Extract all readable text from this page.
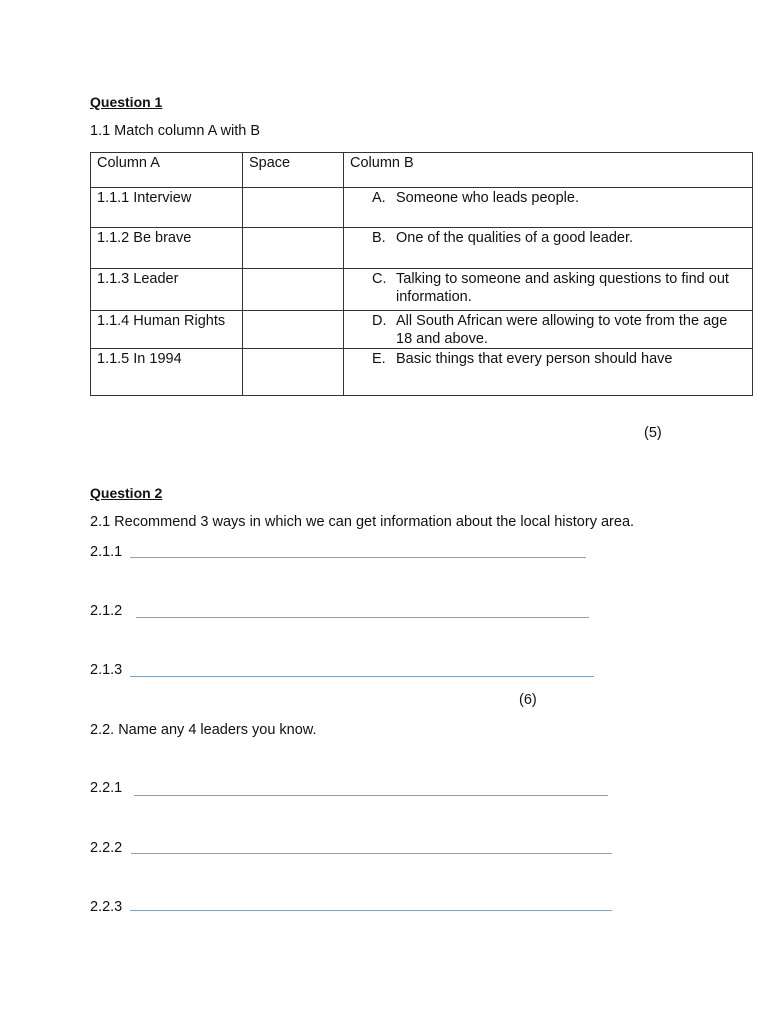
Question 1
1.1 Match column A with B
Column A	Space	Column B

1.1.1 Interview		A. Someone who leads people.

1.1.2 Be brave		B. One of the qualities of a good leader.

1.1.3 Leader		C. Talking to someone and asking questions to find out information.

1.1.4 Human Rights		D. All South African were allowing to vote from the age 18 and above.

1.1.5 In 1994		E. Basic things that every person should have
(5)
Question 2
2.1 Recommend 3 ways in which we can get information about the local history area.
2.1.1
2.1.2
2.1.3
(6)
2.2. Name any 4 leaders you know.
2.2.1
2.2.2
2.2.3
